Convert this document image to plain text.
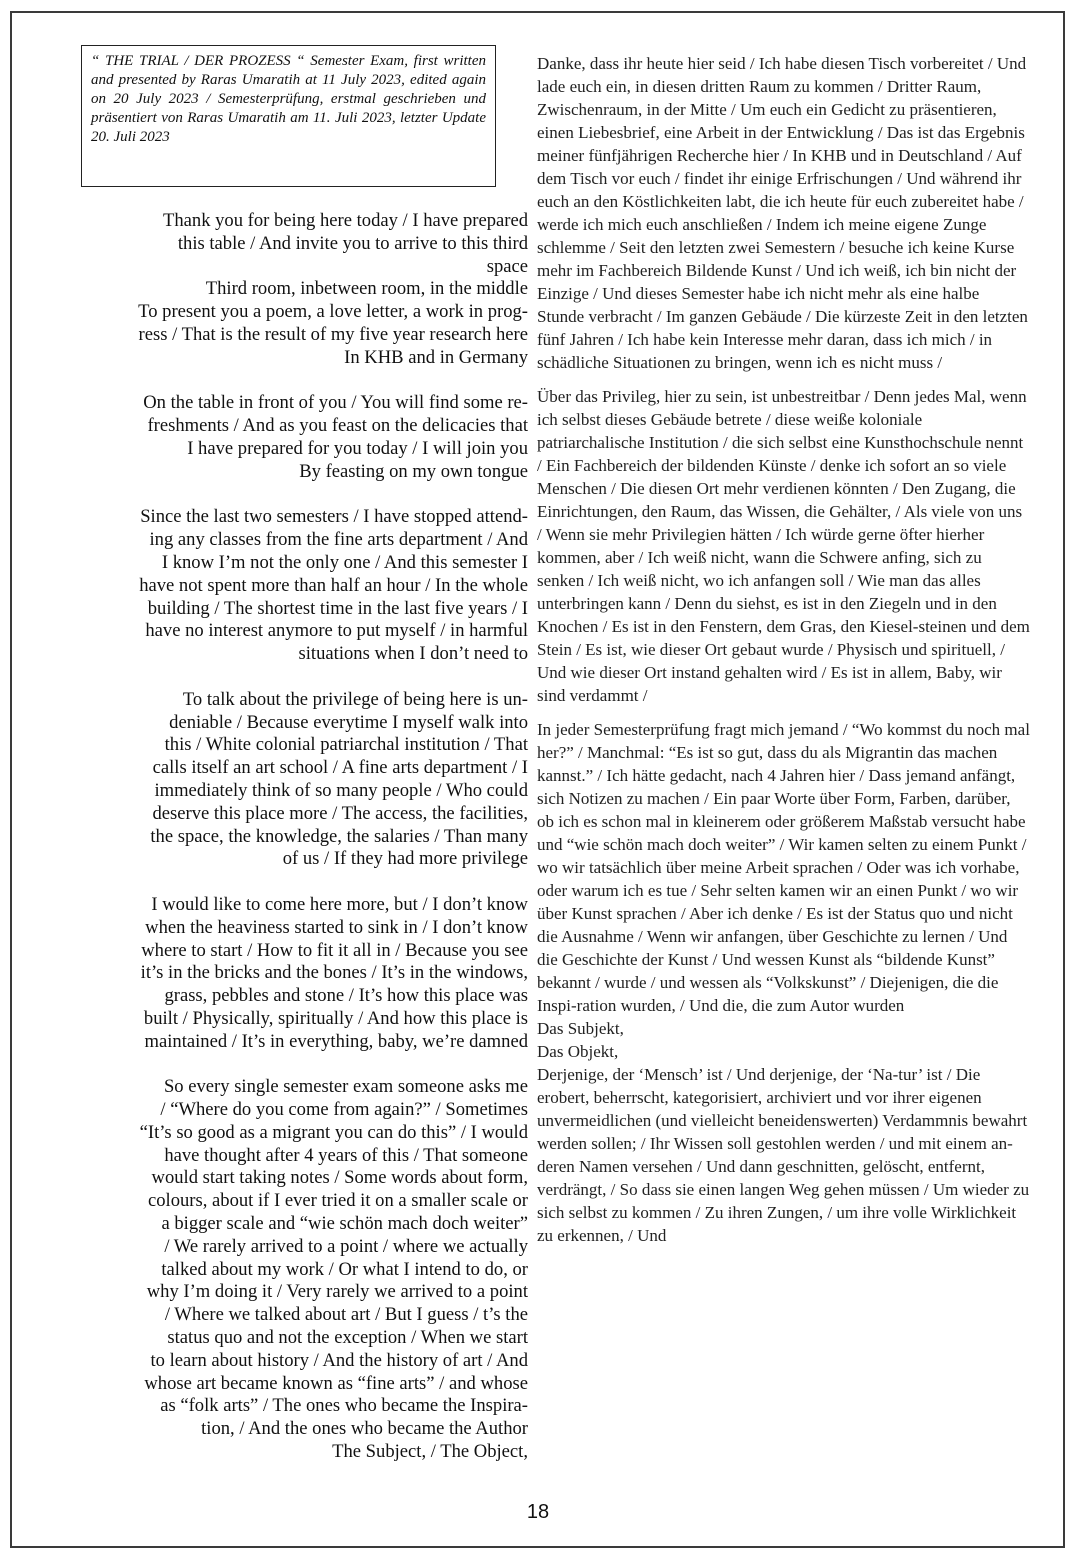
“ THE TRIAL / DER PROZESS “ Semester Exam, first written and presented by Raras Umaratih at 11 July 2023, edited again on 20 July 2023 / Semesterprüfung, erstmal geschrieben und präsentiert von Raras Umaratih am 11. Juli 2023, letzter Update 20. Juli 2023

Thank you for being here today / I have prepared
this table / And invite you to arrive to this third
space
Third room, inbetween room, in the middle
To present you a poem, a love letter, a work in prog-
ress / That is the result of my five year research here
In KHB and in Germany

On the table in front of you / You will find some re-
freshments / And as you feast on the delicacies that
I have prepared for you today / I will join you
By feasting on my own tongue

Since the last two semesters / I have stopped attend-
ing any classes from the fine arts department / And
I know I’m not the only one / And this semester I
have not spent more than half an hour / In the whole
building / The shortest time in the last five years / I
have no interest anymore to put myself / in harmful
situations when I don’t need to

To talk about the privilege of being here is un-
deniable / Because everytime I myself walk into
this / White colonial patriarchal institution / That
calls itself an art school / A fine arts department / I
immediately think of so many people / Who could
deserve this place more / The access, the facilities,
the space, the knowledge, the salaries / Than many
of us / If they had more privilege

I would like to come here more, but / I don’t know
when the heaviness started to sink in / I don’t know
where to start / How to fit it all in / Because you see
it’s in the bricks and the bones / It’s in the windows,
grass, pebbles and stone / It’s how this place was
built / Physically, spiritually / And how this place is
maintained / It’s in everything, baby, we’re damned

So every single semester exam someone asks me
/ “Where do you come from again?” / Sometimes
“It’s so good as a migrant you can do this” / I would
have thought after 4 years of this / That someone
would start taking notes / Some words about form,
colours, about if I ever tried it on a smaller scale or
a bigger scale and “wie schön mach doch weiter”
/ We rarely arrived to a point / where we actually
talked about my work / Or what I intend to do, or
why I’m doing it / Very rarely we arrived to a point
/ Where we talked about art / But I guess / t’s the
status quo and not the exception / When we start
to learn about history / And the history of art / And
whose art became known as “fine arts” / and whose
as “folk arts” / The ones who became the Inspira-
tion, / And the ones who became the Author
The Subject, / The Object,

Danke, dass ihr heute hier seid / Ich habe diesen Tisch vorbereitet / Und lade euch ein, in diesen dritten Raum zu kommen / Dritter Raum, Zwischenraum, in der Mitte / Um euch ein Gedicht zu präsentieren, einen Liebesbrief, eine Arbeit in der Entwicklung / Das ist das Ergebnis meiner fünfjährigen Recherche hier / In KHB und in Deutschland / Auf dem Tisch vor euch / findet ihr einige Erfrischungen / Und während ihr euch an den Köstlichkeiten labt, die ich heute für euch zubereitet habe / werde ich mich euch anschließen / Indem ich meine eigene Zunge schlemme / Seit den letzten zwei Semestern / besuche ich keine Kurse mehr im Fachbereich Bildende Kunst / Und ich weiß, ich bin nicht der Einzige / Und dieses Semester habe ich nicht mehr als eine halbe Stunde verbracht / Im ganzen Gebäude / Die kürzeste Zeit in den letzten fünf Jahren / Ich habe kein Interesse mehr daran, dass ich mich / in schädliche Situationen zu bringen, wenn ich es nicht muss /

Über das Privileg, hier zu sein, ist unbestreitbar / Denn jedes Mal, wenn ich selbst dieses Gebäude betrete / diese weiße koloniale patriarchalische Institution / die sich selbst eine Kunsthochschule nennt / Ein Fachbereich der bildenden Künste / denke ich sofort an so viele Menschen / Die diesen Ort mehr verdienen könnten / Den Zugang, die Einrichtungen, den Raum, das Wissen, die Gehälter, / Als viele von uns / Wenn sie mehr Privilegien hätten / Ich würde gerne öfter hierher kommen, aber / Ich weiß nicht, wann die Schwere anfing, sich zu senken / Ich weiß nicht, wo ich anfangen soll / Wie man das alles unterbringen kann / Denn du siehst, es ist in den Ziegeln und in den Knochen / Es ist in den Fenstern, dem Gras, den Kiesel-steinen und dem Stein / Es ist, wie dieser Ort gebaut wurde / Physisch und spirituell, / Und wie dieser Ort instand gehalten wird / Es ist in allem, Baby, wir sind verdammt /

In jeder Semesterprüfung fragt mich jemand / “Wo kommst du noch mal her?” / Manchmal: “Es ist so gut, dass du als Migrantin das machen kannst.” / Ich hätte gedacht, nach 4 Jahren hier / Dass jemand anfängt, sich Notizen zu machen / Ein paar Worte über Form, Farben, darüber, ob ich es schon mal in kleinerem oder größerem Maßstab versucht habe und “wie schön mach doch weiter” / Wir kamen selten zu einem Punkt / wo wir tatsächlich über meine Arbeit sprachen / Oder was ich vorhabe, oder warum ich es tue / Sehr selten kamen wir an einen Punkt / wo wir über Kunst sprachen / Aber ich denke / Es ist der Status quo und nicht die Ausnahme / Wenn wir anfangen, über Geschichte zu lernen / Und die Geschichte der Kunst / Und wessen Kunst als “bildende Kunst” bekannt / wurde / und wessen als “Volkskunst” / Diejenigen, die die Inspi-ration wurden, / Und die, die zum Autor wurden

Das Subjekt,

Das Objekt,

Derjenige, der ‘Mensch’ ist / Und derjenige, der ‘Na-tur’ ist / Die erobert, beherrscht, kategorisiert, archiviert und vor ihrer eigenen unvermeidlichen (und vielleicht beneidenswerten) Verdammnis bewahrt werden sollen; / Ihr Wissen soll gestohlen werden / und mit einem an-deren Namen versehen / Und dann geschnitten, gelöscht, entfernt, verdrängt, / So dass sie einen langen Weg gehen müssen / Um wieder zu sich selbst zu kommen / Zu ihren Zungen, / um ihre volle Wirklichkeit zu erkennen, / Und

18
